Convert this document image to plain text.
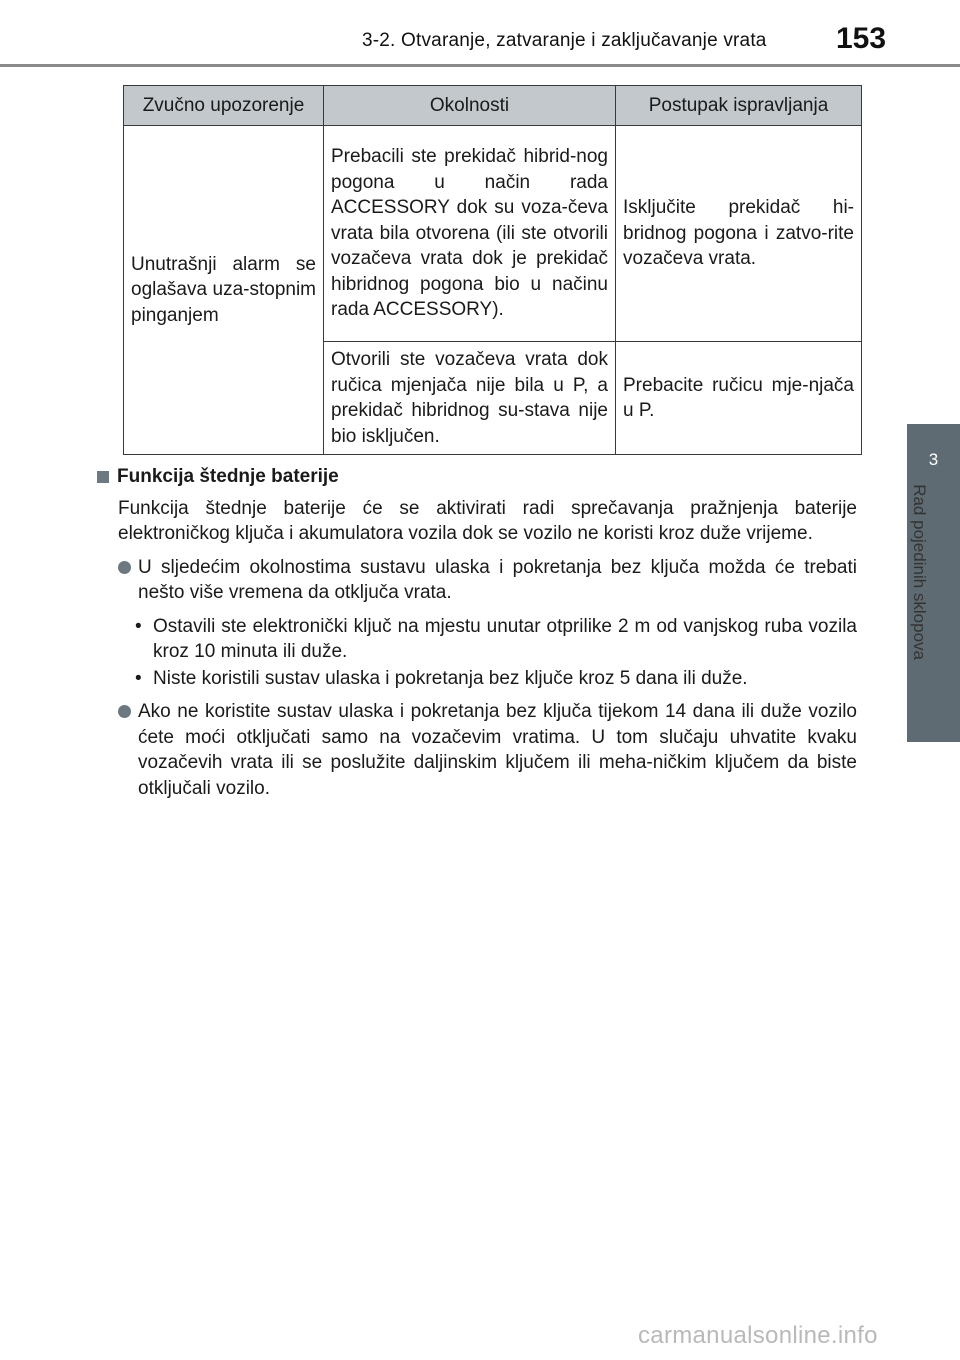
3-2. Otvaranje, zatvaranje i zaključavanje vrata	153
3
Rad pojedinih sklopova
Zvučno upozorenje	Okolnosti	Postupak ispravljanja
Unutrašnji alarm se oglašava uza-stopnim pinganjem	Prebacili ste prekidač hibrid-nog pogona u način rada ACCESSORY dok su voza-čeva vrata bila otvorena (ili ste otvorili vozačeva vrata dok je prekidač hibridnog pogona bio u načinu rada ACCESSORY).	Isključite prekidač hi-bridnog pogona i zatvo-rite vozačeva vrata.
	Otvorili ste vozačeva vrata dok ručica mjenjača nije bila u P, a prekidač hibridnog su-stava nije bio isključen.	Prebacite ručicu mje-njača u P.
Funkcija štednje baterije
Funkcija štednje baterije će se aktivirati radi sprečavanja pražnjenja baterije elektroničkog ključa i akumulatora vozila dok se vozilo ne koristi kroz duže vrijeme.
U sljedećim okolnostima sustavu ulaska i pokretanja bez ključa možda će trebati nešto više vremena da otključa vrata.
• Ostavili ste elektronički ključ na mjestu unutar otprilike 2 m od vanjskog ruba vozila kroz 10 minuta ili duže.
• Niste koristili sustav ulaska i pokretanja bez ključe kroz 5 dana ili duže.
Ako ne koristite sustav ulaska i pokretanja bez ključa tijekom 14 dana ili duže vozilo ćete moći otključati samo na vozačevim vratima. U tom slučaju uhvatite kvaku vozačevih vrata ili se poslužite daljinskim ključem ili meha-ničkim ključem da biste otključali vozilo.
carmanualsonline.info
